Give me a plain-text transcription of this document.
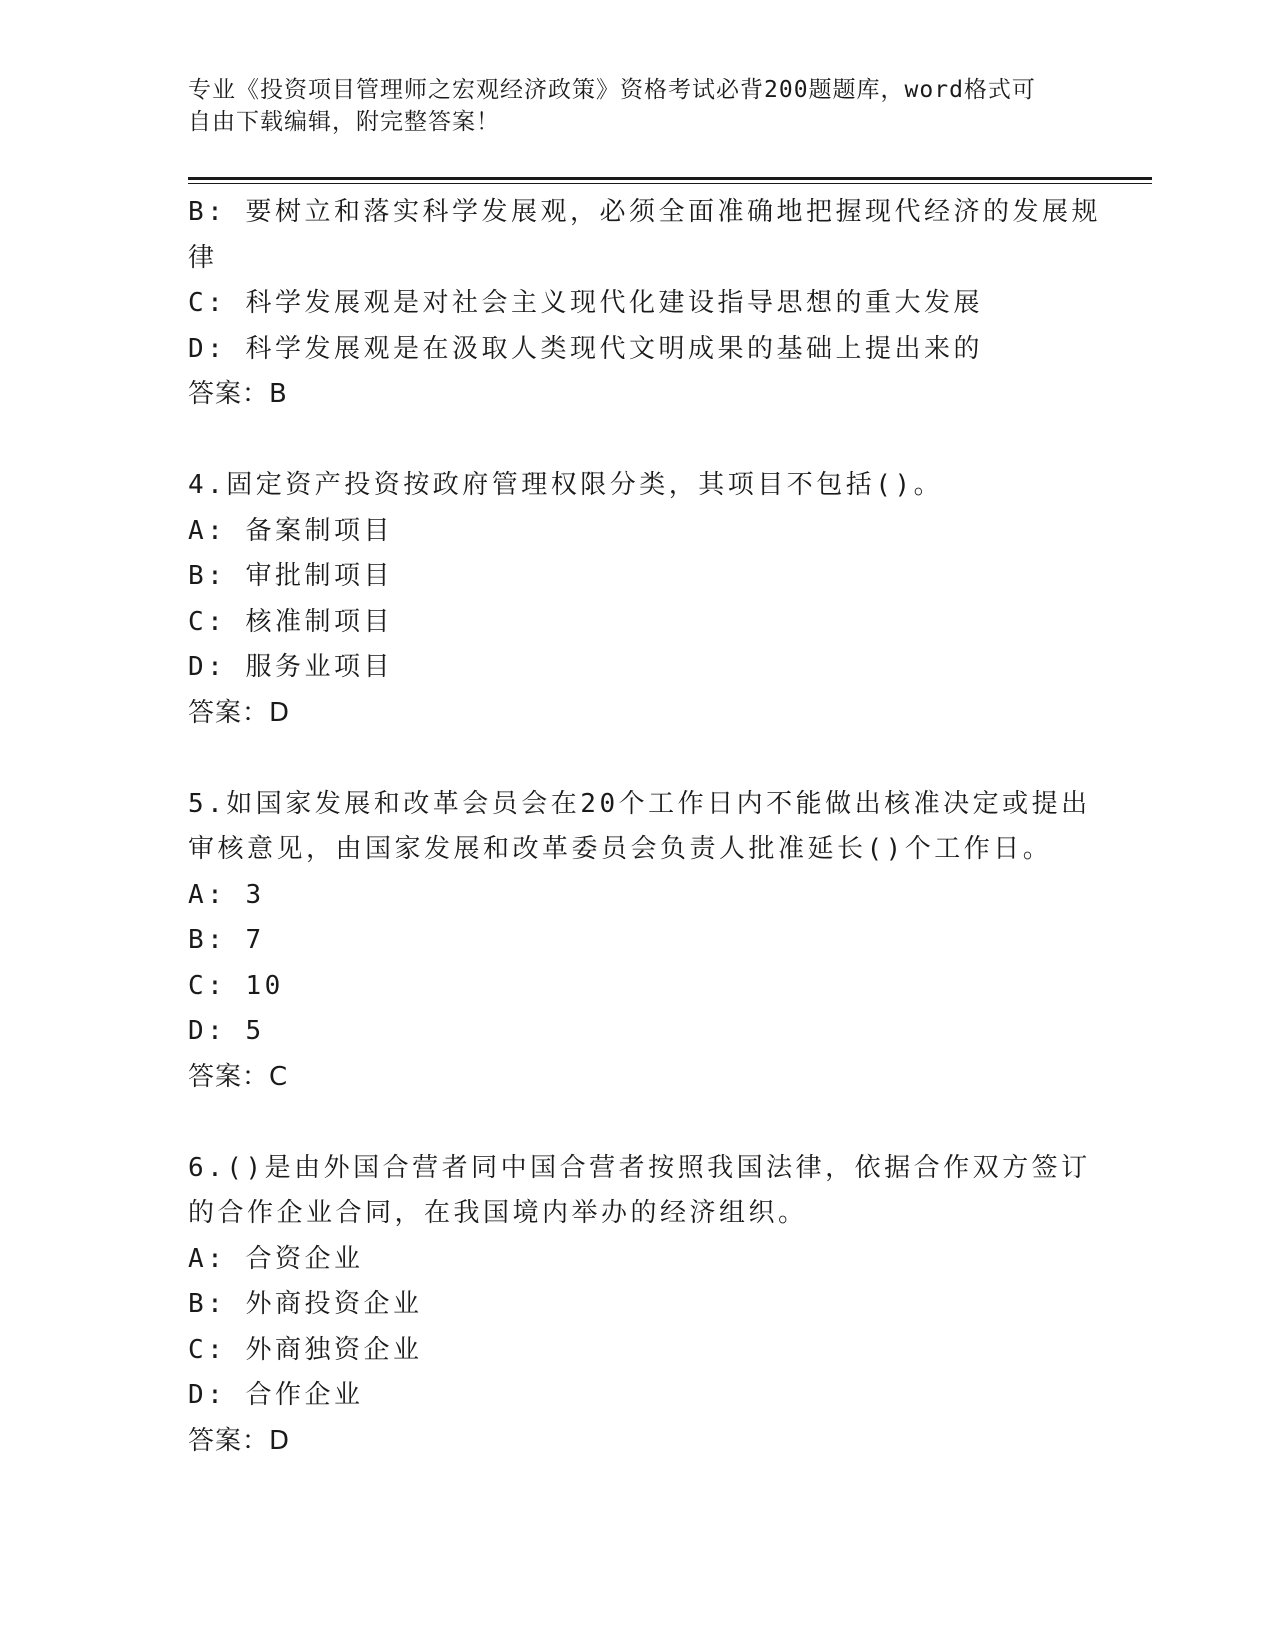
专业《投资项目管理师之宏观经济政策》资格考试必背200题题库，word格式可
自由下载编辑，附完整答案！
B: 要树立和落实科学发展观，必须全面准确地把握现代经济的发展规
律
C: 科学发展观是对社会主义现代化建设指导思想的重大发展
D: 科学发展观是在汲取人类现代文明成果的基础上提出来的
答案：B
4.固定资产投资按政府管理权限分类，其项目不包括()。
A: 备案制项目
B: 审批制项目
C: 核准制项目
D: 服务业项目
答案：D
5.如国家发展和改革会员会在20个工作日内不能做出核准决定或提出
审核意见，由国家发展和改革委员会负责人批准延长()个工作日。
A: 3
B: 7
C: 10
D: 5
答案：C
6.()是由外国合营者同中国合营者按照我国法律，依据合作双方签订
的合作企业合同，在我国境内举办的经济组织。
A: 合资企业
B: 外商投资企业
C: 外商独资企业
D: 合作企业
答案：D
